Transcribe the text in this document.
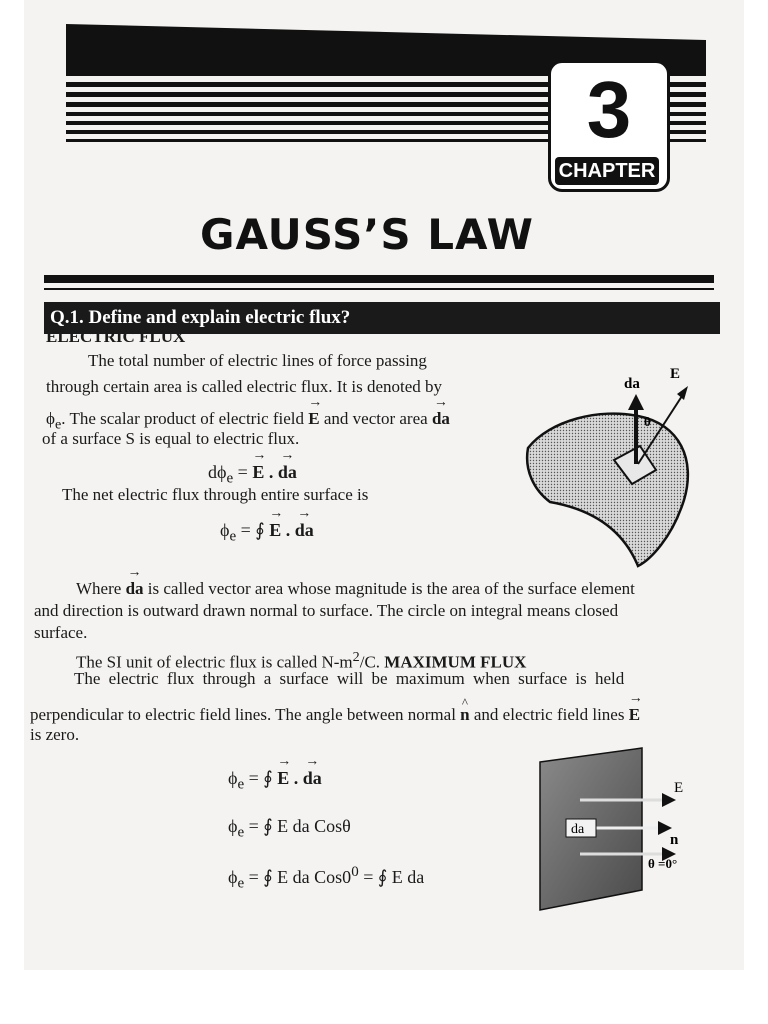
3
CHAPTER
GAUSS’S LAW
Q.1. Define and explain electric flux?
ELECTRIC FLUX
The total number of electric lines of force passing
through certain area is called electric flux. It is denoted by
$\phi_e$. The scalar product of electric field → E and vector area → da
of a surface S is equal to electric flux.
$d\phi_e$ = → E . → da
The net electric flux through entire surface is
$\phi_e$ = ∮ → E . → da
da
E
θ
Where → da is called vector area whose magnitude is the area of the surface element
and direction is outward drawn normal to surface. The circle on integral means closed
surface.
The SI unit of electric flux is called $N-m^2/C$. MAXIMUM FLUX
The electric flux through a surface will be maximum when surface is held
perpendicular to electric field lines. The angle between normal ^ n and electric field lines → E
is zero.
$\phi_e$ = ∮ → E . → da
$\phi_e$ = ∮ E da Cosθ
$\phi_e$ = ∮ E da $Cos0^0$ = ∮ E da
da
E
n
θ =0°
